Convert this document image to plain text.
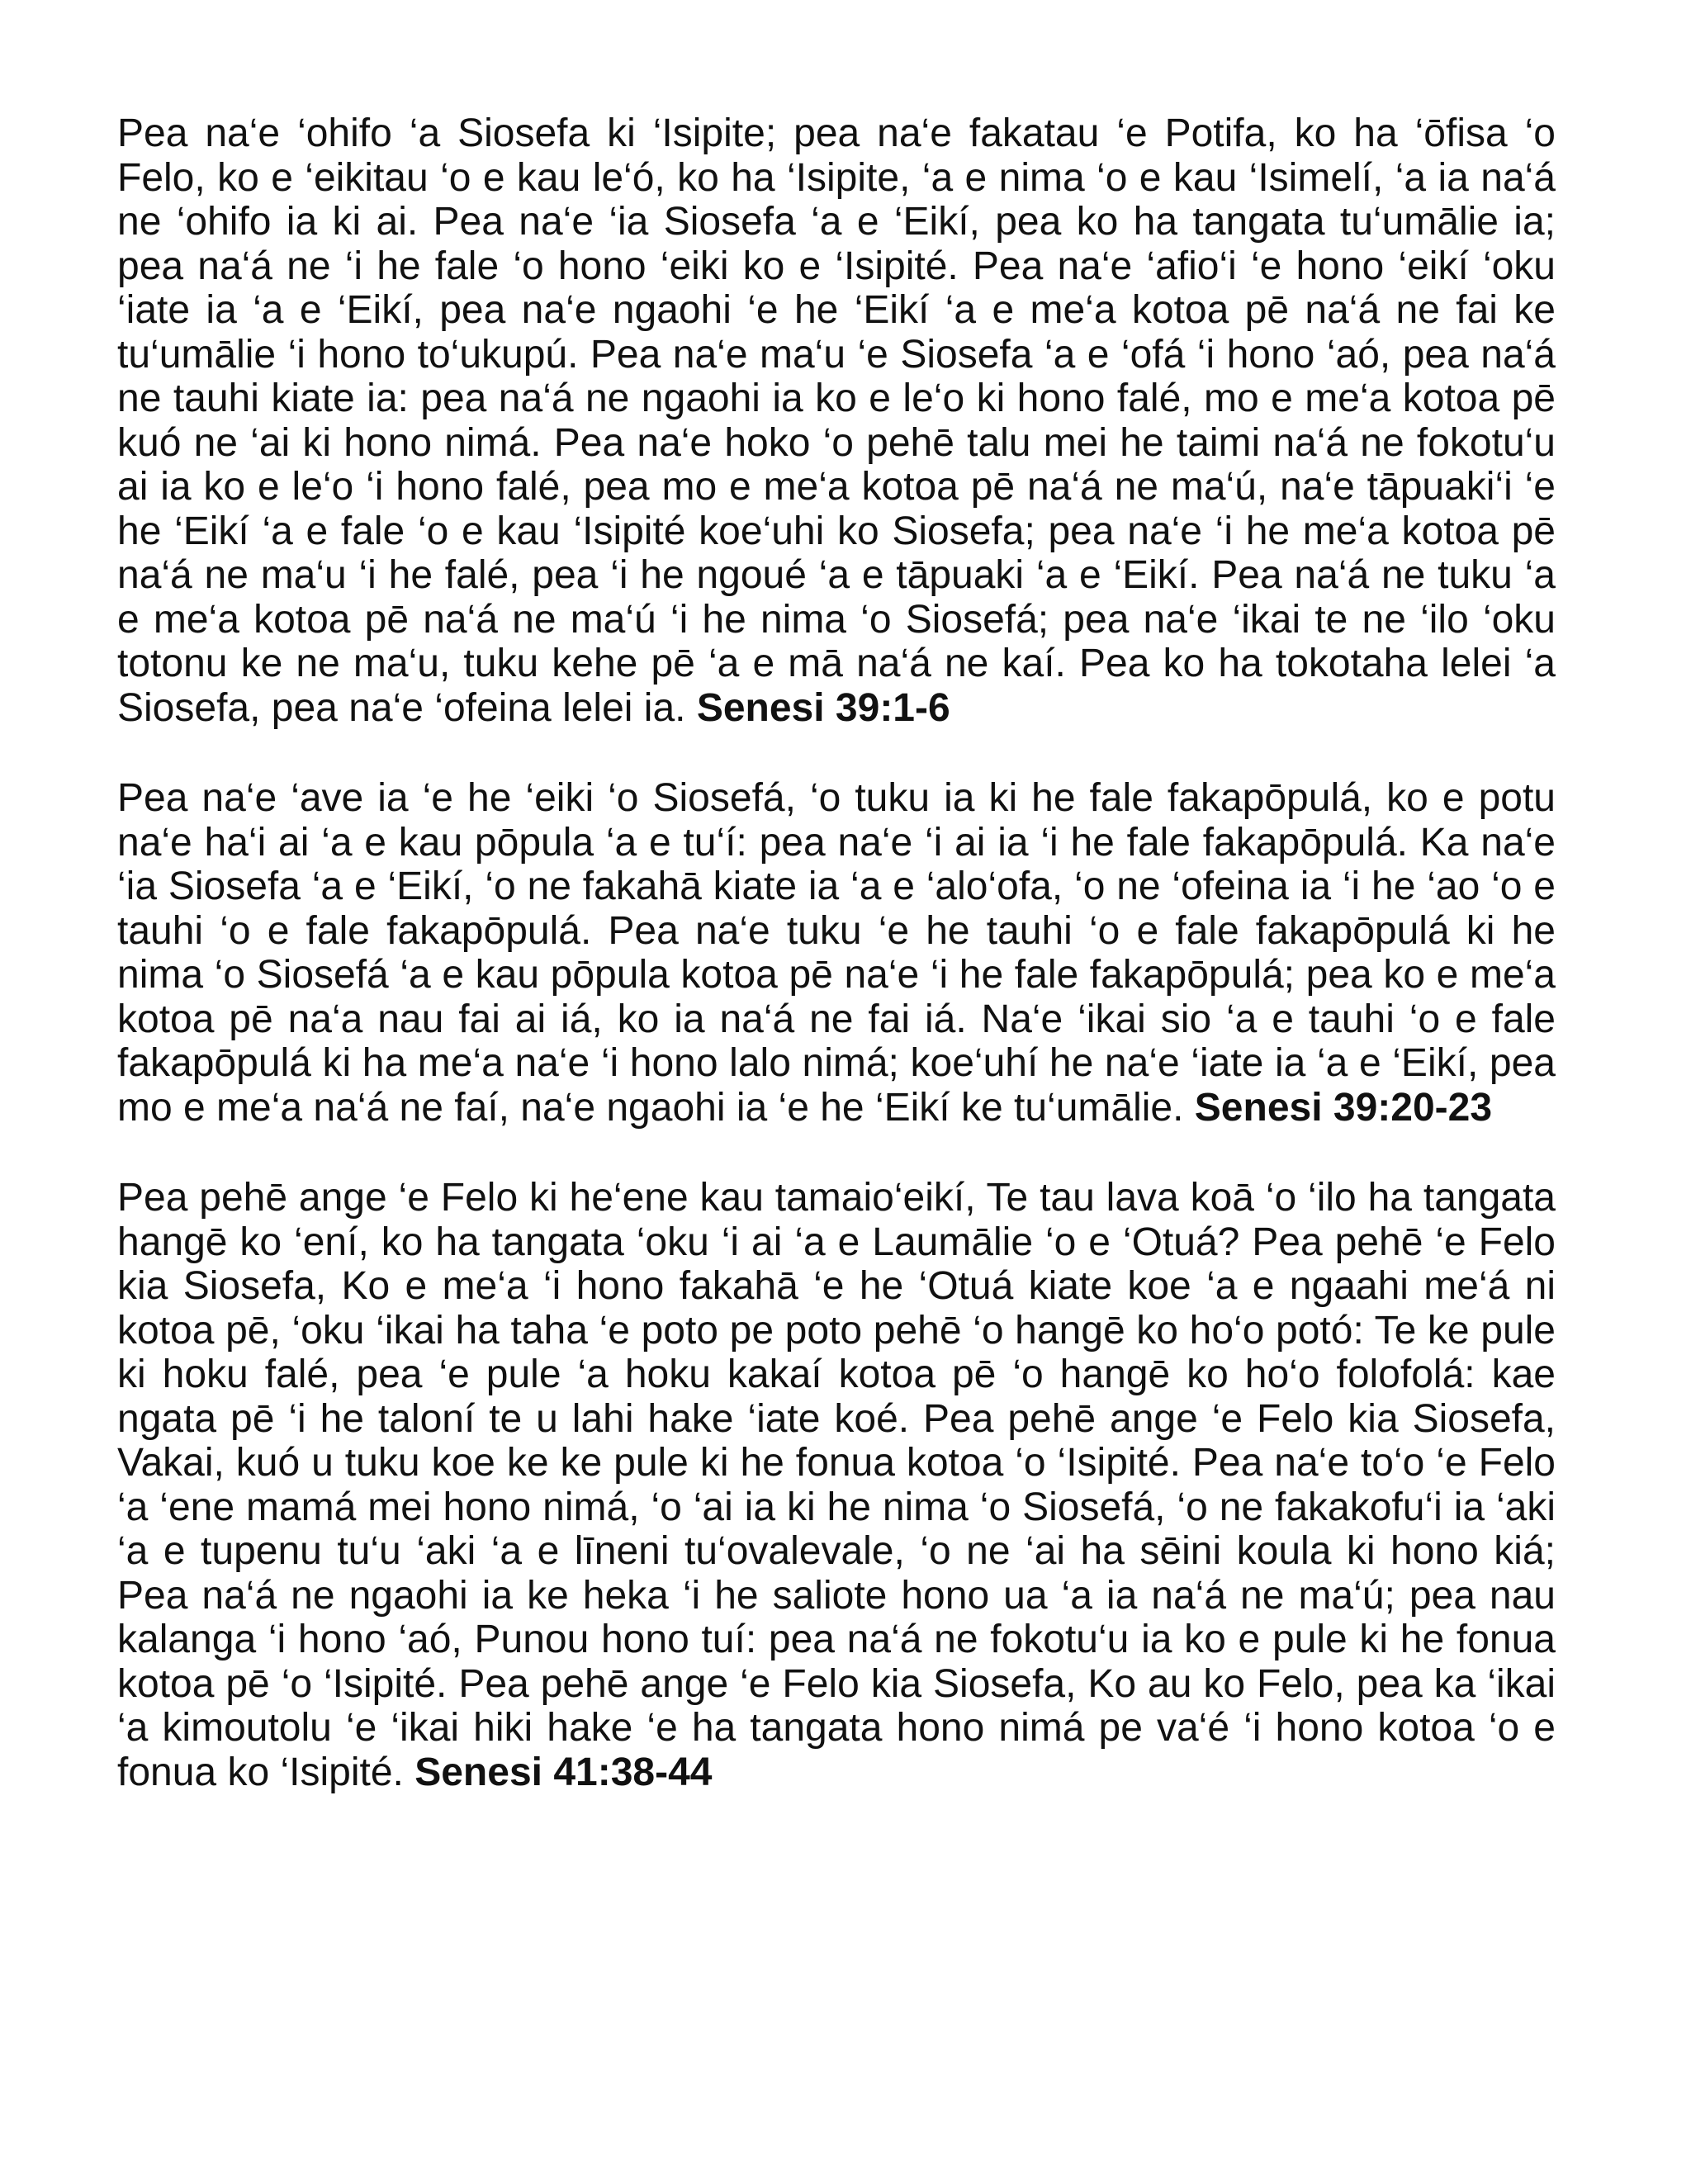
Pea na‘e ‘ohifo ‘a Siosefa ki ‘Isipite; pea na‘e fakatau ‘e Potifa, ko ha ‘ōfisa ‘o Felo, ko e ‘eikitau ‘o e kau le‘ó, ko ha ‘Isipite, ‘a e nima ‘o e kau ‘Isimelí, ‘a ia na‘á ne ‘ohifo ia ki ai. Pea na‘e ‘ia Siosefa ‘a e ‘Eikí, pea ko ha tangata tu‘umālie ia; pea na‘á ne ‘i he fale ‘o hono ‘eiki ko e ‘Isipité. Pea na‘e ‘afio‘i ‘e hono ‘eikí ‘oku ‘iate ia ‘a e ‘Eikí, pea na‘e ngaohi ‘e he ‘Eikí ‘a e me‘a kotoa pē na‘á ne fai ke tu‘umālie ‘i hono to‘ukupú. Pea na‘e ma‘u ‘e Siosefa ‘a e ‘ofá ‘i hono ‘aó, pea na‘á ne tauhi kiate ia: pea na‘á ne ngaohi ia ko e le‘o ki hono falé, mo e me‘a kotoa pē kuó ne ‘ai ki hono nimá. Pea na‘e hoko ‘o pehē talu mei he taimi na‘á ne fokotu‘u ai ia ko e le‘o ‘i hono falé, pea mo e me‘a kotoa pē na‘á ne ma‘ú, na‘e tāpuaki‘i ‘e he ‘Eikí ‘a e fale ‘o e kau ‘Isipité koe‘uhi ko Siosefa; pea na‘e ‘i he me‘a kotoa pē na‘á ne ma‘u ‘i he falé, pea ‘i he ngoué ‘a e tāpuaki ‘a e ‘Eikí. Pea na‘á ne tuku ‘a e me‘a kotoa pē na‘á ne ma‘ú ‘i he nima ‘o Siosefá; pea na‘e ‘ikai te ne ‘ilo ‘oku totonu ke ne ma‘u, tuku kehe pē ‘a e mā na‘á ne kaí. Pea ko ha tokotaha lelei ‘a Siosefa, pea na‘e ‘ofeina lelei ia. Senesi 39:1-6

Pea na‘e ‘ave ia ‘e he ‘eiki ‘o Siosefá, ‘o tuku ia ki he fale fakapōpulá, ko e potu na‘e ha‘i ai ‘a e kau pōpula ‘a e tu‘í: pea na‘e ‘i ai ia ‘i he fale fakapōpulá. Ka na‘e ‘ia Siosefa ‘a e ‘Eikí, ‘o ne fakahā kiate ia ‘a e ‘alo‘ofa, ‘o ne ‘ofeina ia ‘i he ‘ao ‘o e tauhi ‘o e fale fakapōpulá. Pea na‘e tuku ‘e he tauhi ‘o e fale fakapōpulá ki he nima ‘o Siosefá ‘a e kau pōpula kotoa pē na‘e ‘i he fale fakapōpulá; pea ko e me‘a kotoa pē na‘a nau fai ai iá, ko ia na‘á ne fai iá. Na‘e ‘ikai sio ‘a e tauhi ‘o e fale fakapōpulá ki ha me‘a na‘e ‘i hono lalo nimá; koe‘uhí he na‘e ‘iate ia ‘a e ‘Eikí, pea mo e me‘a na‘á ne faí, na‘e ngaohi ia ‘e he ‘Eikí ke tu‘umālie. Senesi 39:20-23

Pea pehē ange ‘e Felo ki he‘ene kau tamaio‘eikí, Te tau lava koā ‘o ‘ilo ha tangata hangē ko ‘ení, ko ha tangata ‘oku ‘i ai ‘a e Laumālie ‘o e ‘Otuá? Pea pehē ‘e Felo kia Siosefa, Ko e me‘a ‘i hono fakahā ‘e he ‘Otuá kiate koe ‘a e ngaahi me‘á ni kotoa pē, ‘oku ‘ikai ha taha ‘e poto pe poto pehē ‘o hangē ko ho‘o potó: Te ke pule ki hoku falé, pea ‘e pule ‘a hoku kakaí kotoa pē ‘o hangē ko ho‘o folofolá: kae ngata pē ‘i he taloní te u lahi hake ‘iate koé. Pea pehē ange ‘e Felo kia Siosefa, Vakai, kuó u tuku koe ke ke pule ki he fonua kotoa ‘o ‘Isipité. Pea na‘e to‘o ‘e Felo ‘a ‘ene mamá mei hono nimá, ‘o ‘ai ia ki he nima ‘o Siosefá, ‘o ne fakakofu‘i ia ‘aki ‘a e tupenu tu‘u ‘aki ‘a e līneni tu‘ovalevale, ‘o ne ‘ai ha sēini koula ki hono kiá; Pea na‘á ne ngaohi ia ke heka ‘i he saliote hono ua ‘a ia na‘á ne ma‘ú; pea nau kalanga ‘i hono ‘aó, Punou hono tuí: pea na‘á ne fokotu‘u ia ko e pule ki he fonua kotoa pē ‘o ‘Isipité. Pea pehē ange ‘e Felo kia Siosefa, Ko au ko Felo, pea ka ‘ikai ‘a kimoutolu ‘e ‘ikai hiki hake ‘e ha tangata hono nimá pe va‘é ‘i hono kotoa ‘o e fonua ko ‘Isipité. Senesi 41:38-44
